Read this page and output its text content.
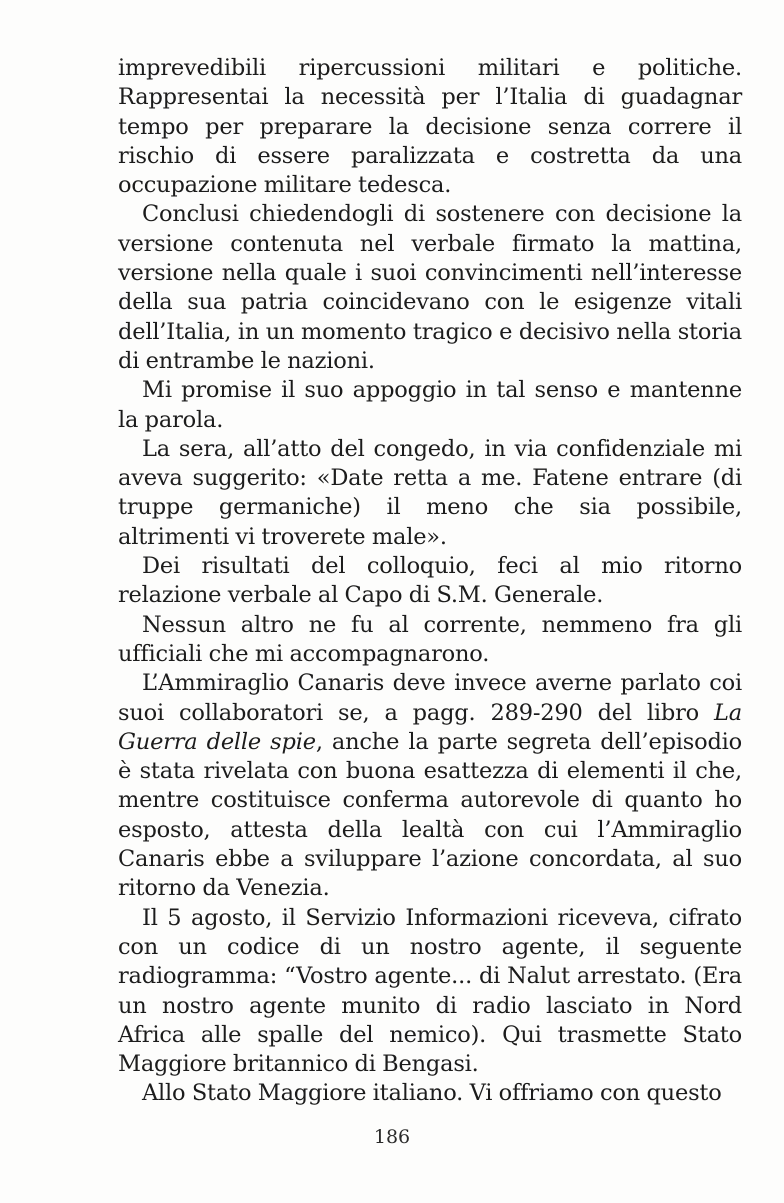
imprevedibili ripercussioni militari e politiche. Rappresentai la necessità per l’Italia di guadagnar tempo per preparare la decisione senza correre il rischio di essere paralizzata e costretta da una occupazione militare tedesca.

Conclusi chiedendogli di sostenere con decisione la versione contenuta nel verbale firmato la mattina, versione nella quale i suoi convincimenti nell’interesse della sua patria coincidevano con le esigenze vitali dell’Italia, in un momento tragico e decisivo nella storia di entrambe le nazioni.

Mi promise il suo appoggio in tal senso e mantenne la parola.

La sera, all’atto del congedo, in via confidenziale mi aveva suggerito: «Date retta a me. Fatene entrare (di truppe germaniche) il meno che sia possibile, altrimenti vi troverete male».

Dei risultati del colloquio, feci al mio ritorno relazione verbale al Capo di S.M. Generale.

Nessun altro ne fu al corrente, nemmeno fra gli ufficiali che mi accompagnarono.

L’Ammiraglio Canaris deve invece averne parlato coi suoi collaboratori se, a pagg. 289-290 del libro La Guerra delle spie, anche la parte segreta dell’episodio è stata rivelata con buona esattezza di elementi il che, mentre costituisce conferma autorevole di quanto ho esposto, attesta della lealtà con cui l’Ammiraglio Canaris ebbe a sviluppare l’azione concordata, al suo ritorno da Venezia.

Il 5 agosto, il Servizio Informazioni riceveva, cifrato con un codice di un nostro agente, il seguente radiogramma: “Vostro agente... di Nalut arrestato. (Era un nostro agente munito di radio lasciato in Nord Africa alle spalle del nemico). Qui trasmette Stato Maggiore britannico di Bengasi.

Allo Stato Maggiore italiano. Vi offriamo con questo

186
